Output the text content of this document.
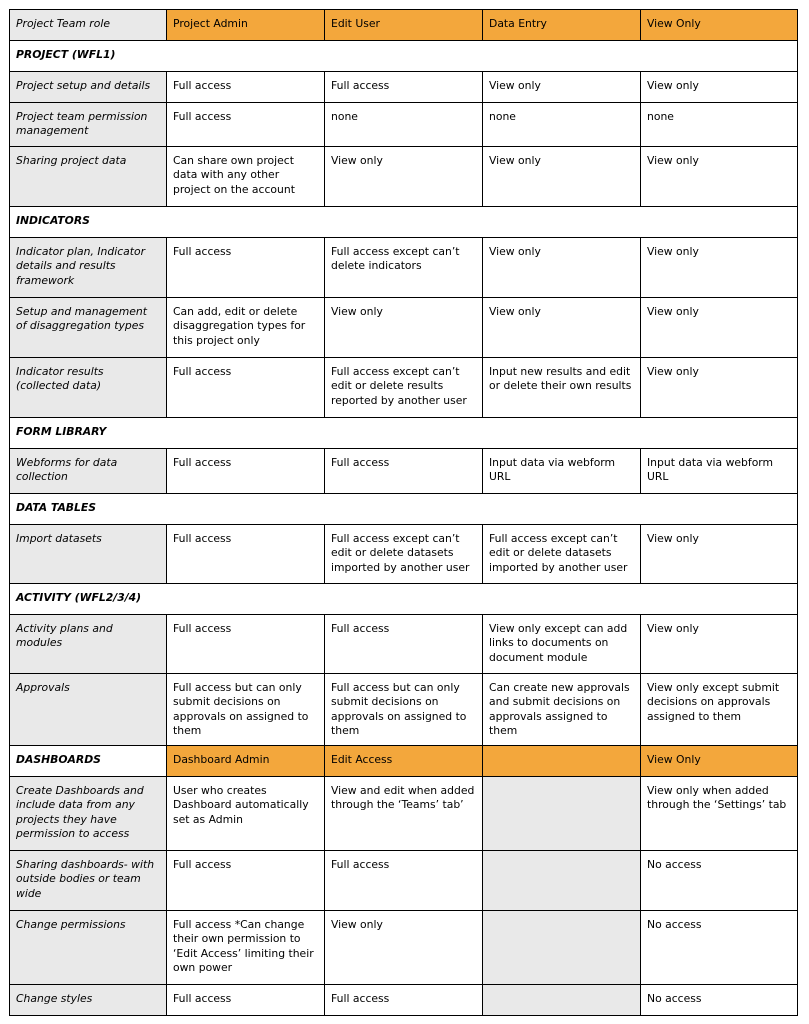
Project Team role	Project Admin	Edit User	Data Entry	View Only
PROJECT (WFL1)				
Project setup and details	Full access	Full access	View only	View only
Project team permission management	Full access	none	none	none
Sharing project data	Can share own project data with any other project on the account	View only	View only	View only
INDICATORS				
Indicator plan, Indicator details and results framework	Full access	Full access except can’t delete indicators	View only	View only
Setup and management of disaggregation types	Can add, edit or delete disaggregation types for this project only	View only	View only	View only
Indicator results (collected data)	Full access	Full access except can’t edit or delete results reported by another user	Input new results and edit or delete their own results	View only
FORM LIBRARY				
Webforms for data collection	Full access	Full access	Input data via webform URL	Input data via webform URL
DATA TABLES				
Import datasets	Full access	Full access except can’t edit or delete datasets imported by another user	Full access except can’t edit or delete datasets imported by another user	View only
ACTIVITY (WFL2/3/4)				
Activity plans and modules	Full access	Full access	View only except can add links to documents on document module	View only
Approvals	Full access but can only submit decisions on approvals on assigned to them	Full access but can only submit decisions on approvals on assigned to them	Can create new approvals and submit decisions on approvals assigned to them	View only except submit decisions on approvals assigned to them
DASHBOARDS	Dashboard Admin	Edit Access		View Only
Create Dashboards and include data from any projects they have permission to access	User who creates Dashboard automatically set as Admin	View and edit when added through the ‘Teams’ tab’		View only when added through the ‘Settings’ tab
Sharing dashboards- with outside bodies or team wide	Full access	Full access		No access
Change permissions	Full access *Can change their own permission to ‘Edit Access’ limiting their own power	View only		No access
Change styles	Full access	Full access		No access
